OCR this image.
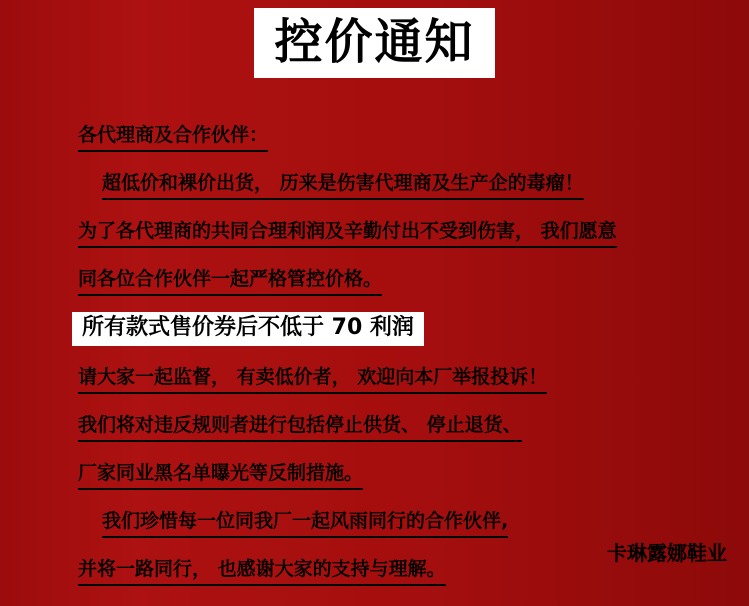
控价通知
各代理商及合作伙伴：
超低价和裸价出货， 历来是伤害代理商及生产企的毒瘤！
为了各代理商的共同合理利润及辛勤付出不受到伤害， 我们愿意
同各位合作伙伴一起严格管控价格。
所有款式售价券后不低于 70 利润
请大家一起监督， 有卖低价者， 欢迎向本厂举报投诉！
我们将对违反规则者进行包括停止供货、 停止退货、
厂家同业黑名单曝光等反制措施。
我们珍惜每一位同我厂一起风雨同行的合作伙伴,
并将一路同行， 也感谢大家的支持与理解。
卡琳露娜鞋业
